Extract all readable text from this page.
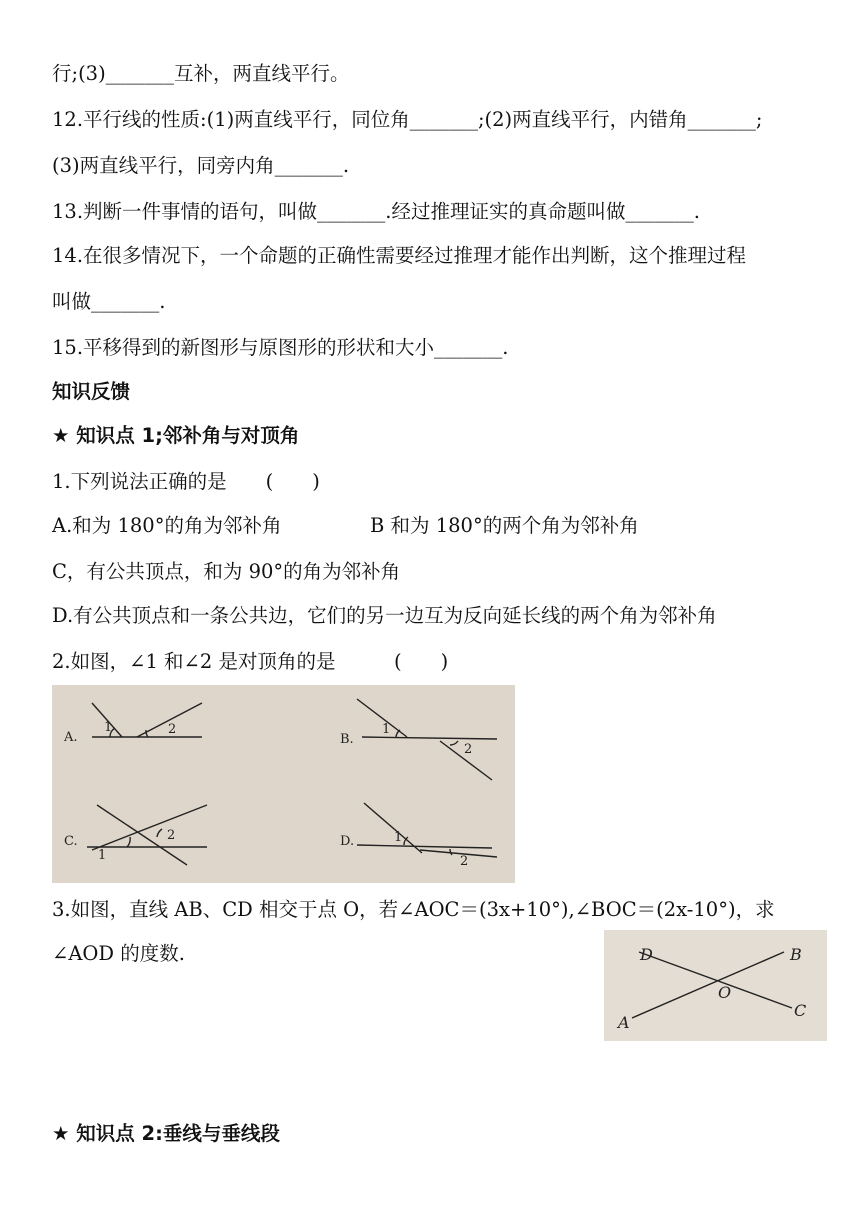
行;(3)_______互补，两直线平行。
12.平行线的性质:(1)两直线平行，同位角_______;(2)两直线平行，内错角_______;
(3)两直线平行，同旁内角_______.
13.判断一件事情的语句，叫做_______.经过推理证实的真命题叫做_______.
14.在很多情况下，一个命题的正确性需要经过推理才能作出判断，这个推理过程
叫做_______.
15.平移得到的新图形与原图形的形状和大小_______.
知识反馈
★ 知识点 1;邻补角与对顶角
1.下列说法正确的是　　(　　)
A.和为 180°的角为邻补角	B 和为 180°的两个角为邻补角
C，有公共顶点，和为 90°的角为邻补角
D.有公共顶点和一条公共边，它们的另一边互为反向延长线的两个角为邻补角
2.如图，∠1 和∠2 是对顶角的是　　　(　　)
A.
1	2
B.
1
2
C.
1
2	D.	1
2
3.如图，直线 AB、CD 相交于点 O，若∠AOC＝(3x+10°),∠BOC＝(2x-10°)，求
∠AOD 的度数.	D	B
O
C
A
★ 知识点 2:垂线与垂线段
